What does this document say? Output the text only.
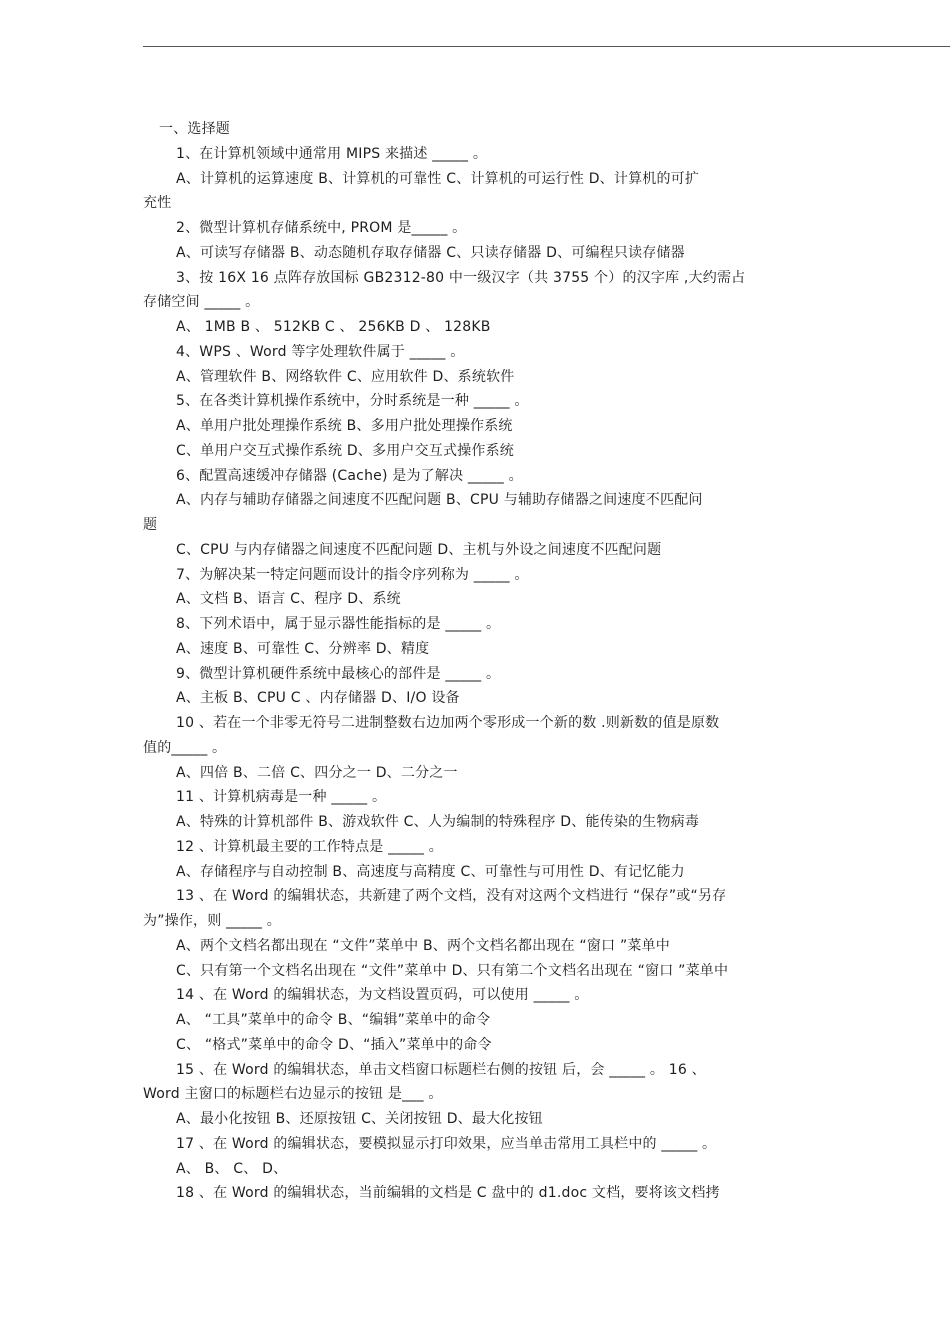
一、选择题
1、在计算机领域中通常用 MIPS 来描述 _____ 。
A、计算机的运算速度 B、计算机的可靠性 C、计算机的可运行性 D、计算机的可扩
充性
2、微型计算机存储系统中, PROM 是_____ 。
A、可读写存储器 B、动态随机存取存储器 C、只读存储器 D、可编程只读存储器
3、按 16X 16 点阵存放国标 GB2312-80 中一级汉字（共 3755 个）的汉字库 ,大约需占
存储空间 _____ 。
A、 1MB B 、 512KB C 、 256KB D 、 128KB
4、WPS 、Word 等字处理软件属于 _____ 。
A、管理软件 B、网络软件 C、应用软件 D、系统软件
5、在各类计算机操作系统中，分时系统是一种 _____ 。
A、单用户批处理操作系统 B、多用户批处理操作系统
C、单用户交互式操作系统 D、多用户交互式操作系统
6、配置高速缓冲存储器 (Cache) 是为了解决 _____ 。
A、内存与辅助存储器之间速度不匹配问题 B、CPU 与辅助存储器之间速度不匹配问
题
C、CPU 与内存储器之间速度不匹配问题 D、主机与外设之间速度不匹配问题
7、为解决某一特定问题而设计的指令序列称为 _____ 。
A、文档 B、语言 C、程序 D、系统
8、下列术语中，属于显示器性能指标的是 _____ 。
A、速度 B、可靠性 C、分辨率 D、精度
9、微型计算机硬件系统中最核心的部件是 _____ 。
A、主板 B、CPU C 、内存储器 D、I/O 设备
10 、若在一个非零无符号二进制整数右边加两个零形成一个新的数 .则新数的值是原数
值的_____ 。
A、四倍 B、二倍 C、四分之一 D、二分之一
11 、计算机病毒是一种 _____ 。
A、特殊的计算机部件 B、游戏软件 C、人为编制的特殊程序 D、能传染的生物病毒
12 、计算机最主要的工作特点是 _____ 。
A、存储程序与自动控制 B、高速度与高精度 C、可靠性与可用性 D、有记忆能力
13 、在 Word 的编辑状态，共新建了两个文档，没有对这两个文档进行 “保存”或“另存
为”操作，则 _____ 。
A、两个文档名都出现在 “文件”菜单中 B、两个文档名都出现在 “窗口 ”菜单中
C、只有第一个文档名出现在 “文件”菜单中 D、只有第二个文档名出现在 “窗口 ”菜单中
14 、在 Word 的编辑状态，为文档设置页码，可以使用 _____ 。
A、 “工具”菜单中的命令 B、“编辑”菜单中的命令
C、 “格式”菜单中的命令 D、“插入”菜单中的命令
15 、在 Word 的编辑状态，单击文档窗口标题栏右侧的按钮 后，会 _____ 。 16 、
Word 主窗口的标题栏右边显示的按钮 是___ 。
A、最小化按钮 B、还原按钮 C、关闭按钮 D、最大化按钮
17 、在 Word 的编辑状态，要模拟显示打印效果，应当单击常用工具栏中的 _____ 。
A、 B、 C、 D、
18 、在 Word 的编辑状态，当前编辑的文档是 C 盘中的 d1.doc 文档，要将该文档拷
